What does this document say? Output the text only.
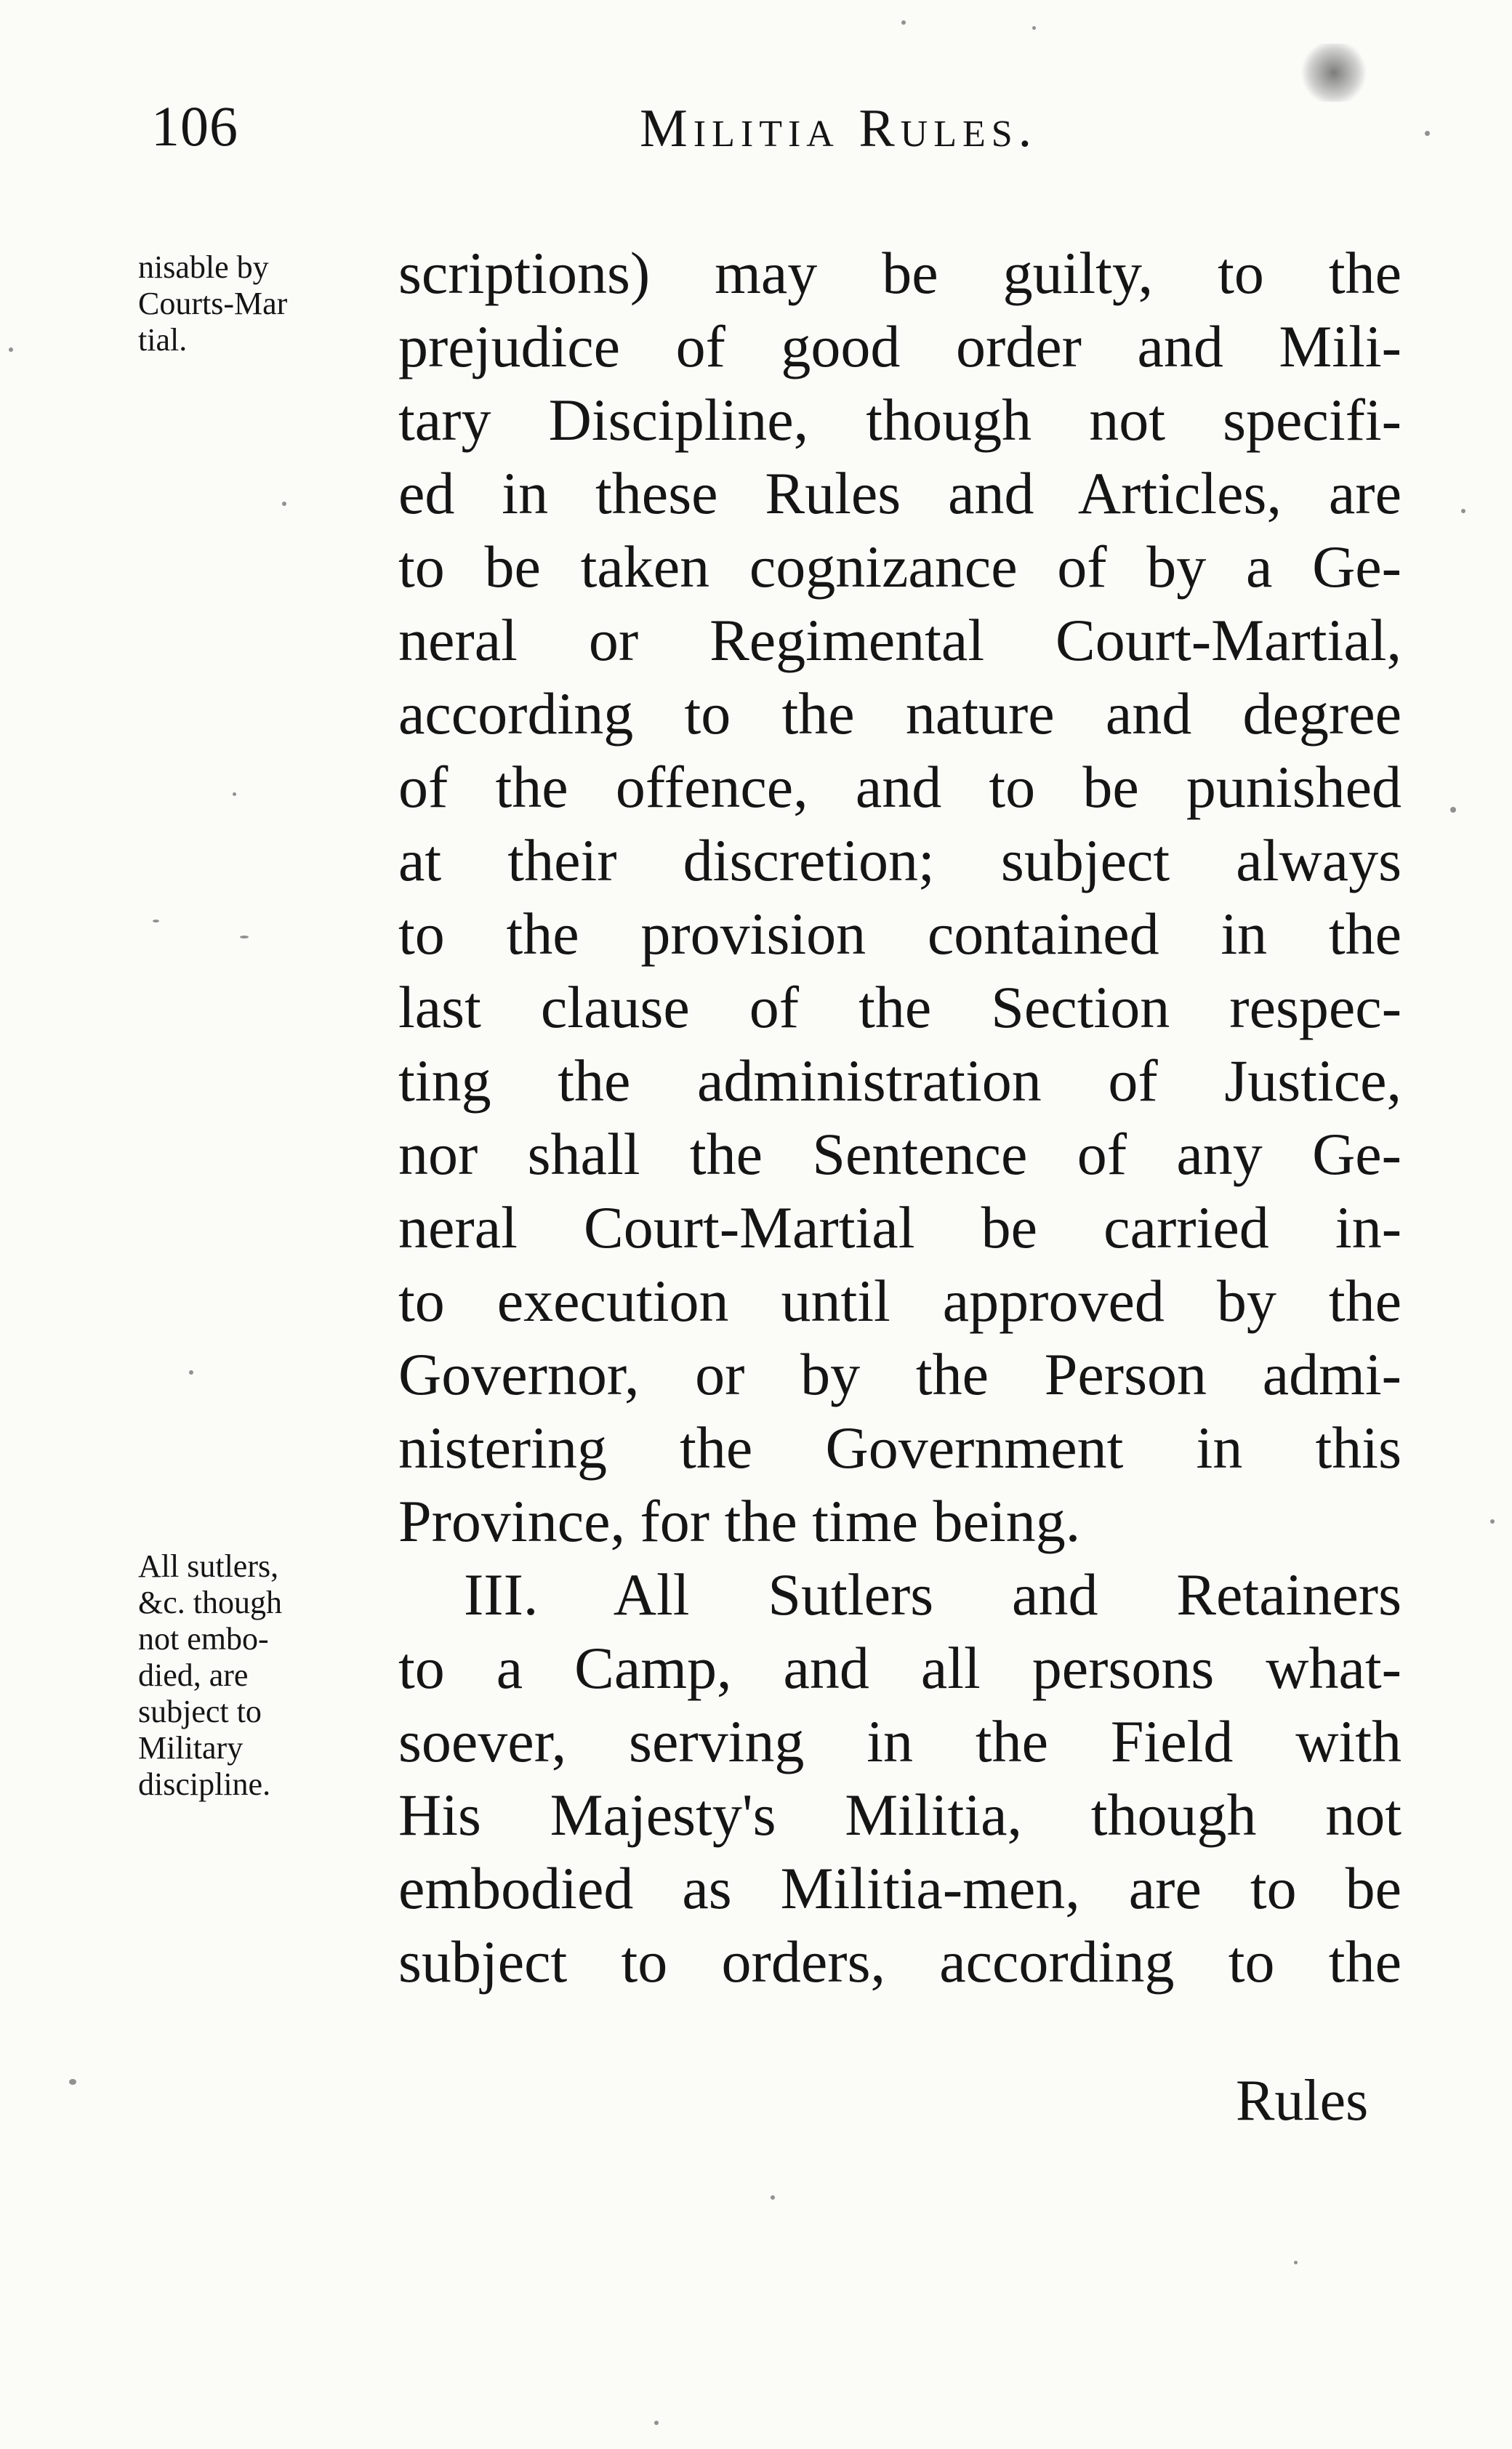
106	Militia Rules.
nisable by
Courts-Mar
tial.
All sutlers,
&c. though
not embo-
died, are
subject to
Military
discipline.
scriptions) may be guilty, to the
prejudice of good order and Mili-
tary Discipline, though not specifi-
ed in these Rules and Articles, are
to be taken cognizance of by a Ge-
neral or Regimental Court-Martial,
according to the nature and degree
of the offence, and to be punished
at their discretion; subject always
to the provision contained in the
last clause of the Section respec-
ting the administration of Justice,
nor shall the Sentence of any Ge-
neral Court-Martial be carried in-
to execution until approved by the
Governor, or by the Person admi-
nistering the Government in this
Province, for the time being.
III. All Sutlers and Retainers
to a Camp, and all persons what-
soever, serving in the Field with
His Majesty's Militia, though not
embodied as Militia-men, are to be
subject to orders, according to the
Rules
